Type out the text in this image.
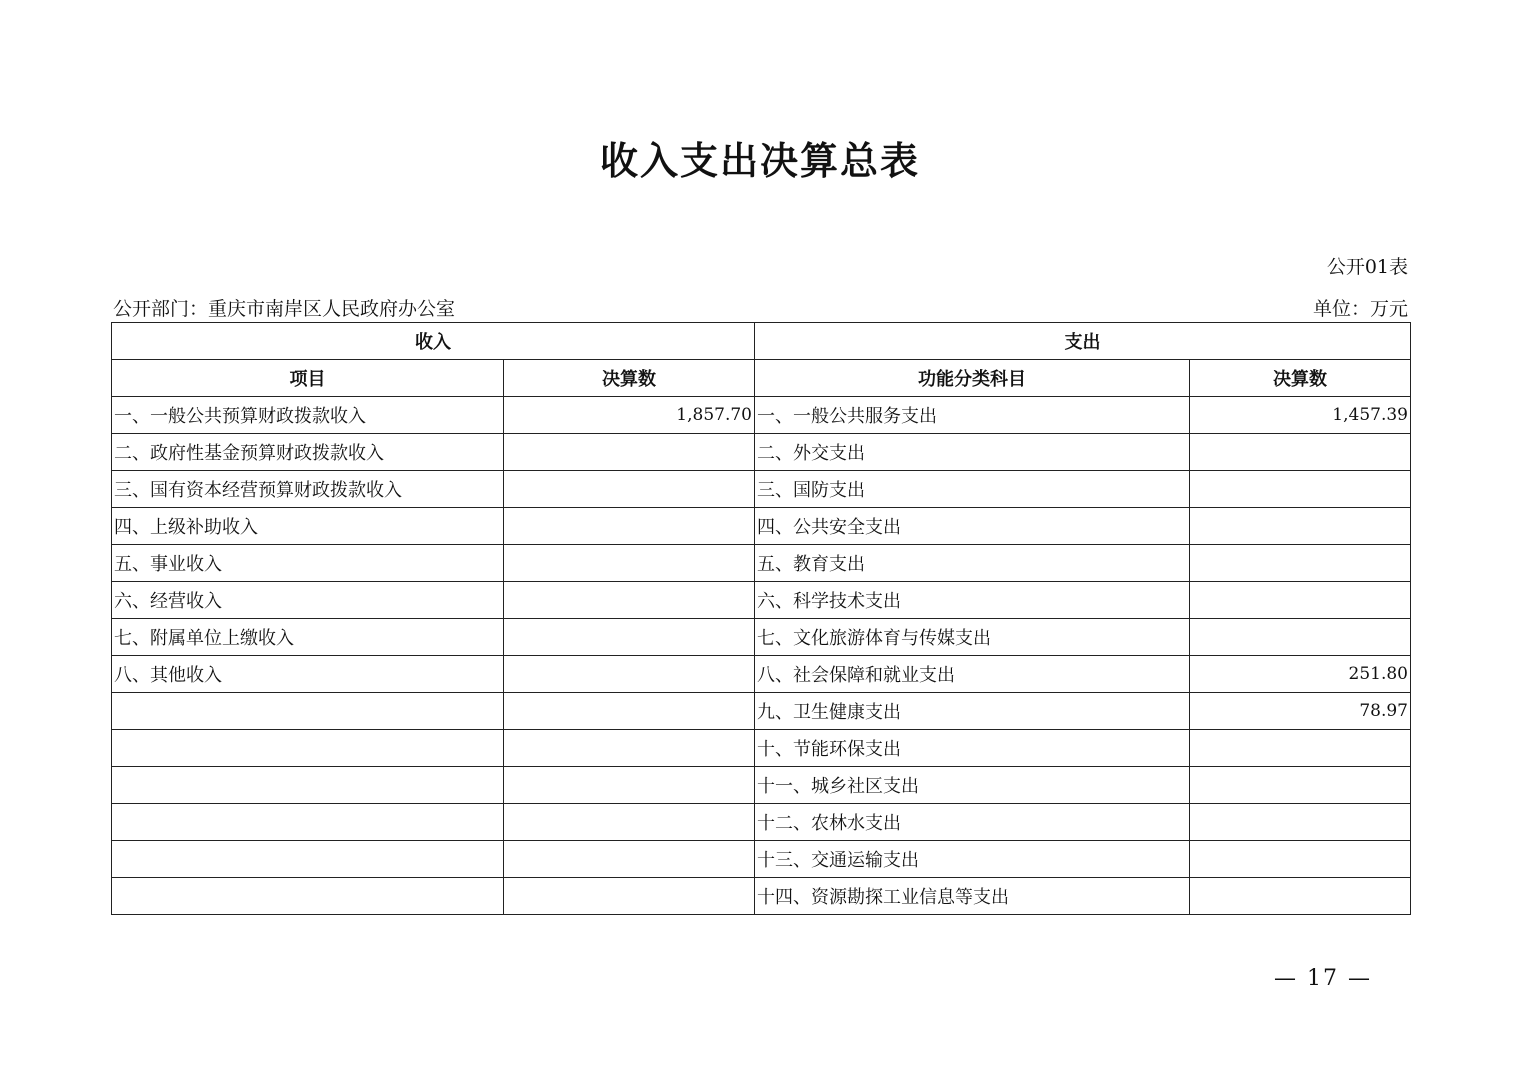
收入支出决算总表
公开01表
公开部门：重庆市南岸区人民政府办公室	单位：万元
收入		支出	
项目	决算数	功能分类科目	决算数
一、一般公共预算财政拨款收入	1,857.70	一、一般公共服务支出	1,457.39
二、政府性基金预算财政拨款收入		二、外交支出	
三、国有资本经营预算财政拨款收入		三、国防支出	
四、上级补助收入		四、公共安全支出	
五、事业收入		五、教育支出	
六、经营收入		六、科学技术支出	
七、附属单位上缴收入		七、文化旅游体育与传媒支出	
八、其他收入		八、社会保障和就业支出	251.80
		九、卫生健康支出	78.97
		十、节能环保支出	
		十一、城乡社区支出	
		十二、农林水支出	
		十三、交通运输支出	
		十四、资源勘探工业信息等支出	
— 17 —
